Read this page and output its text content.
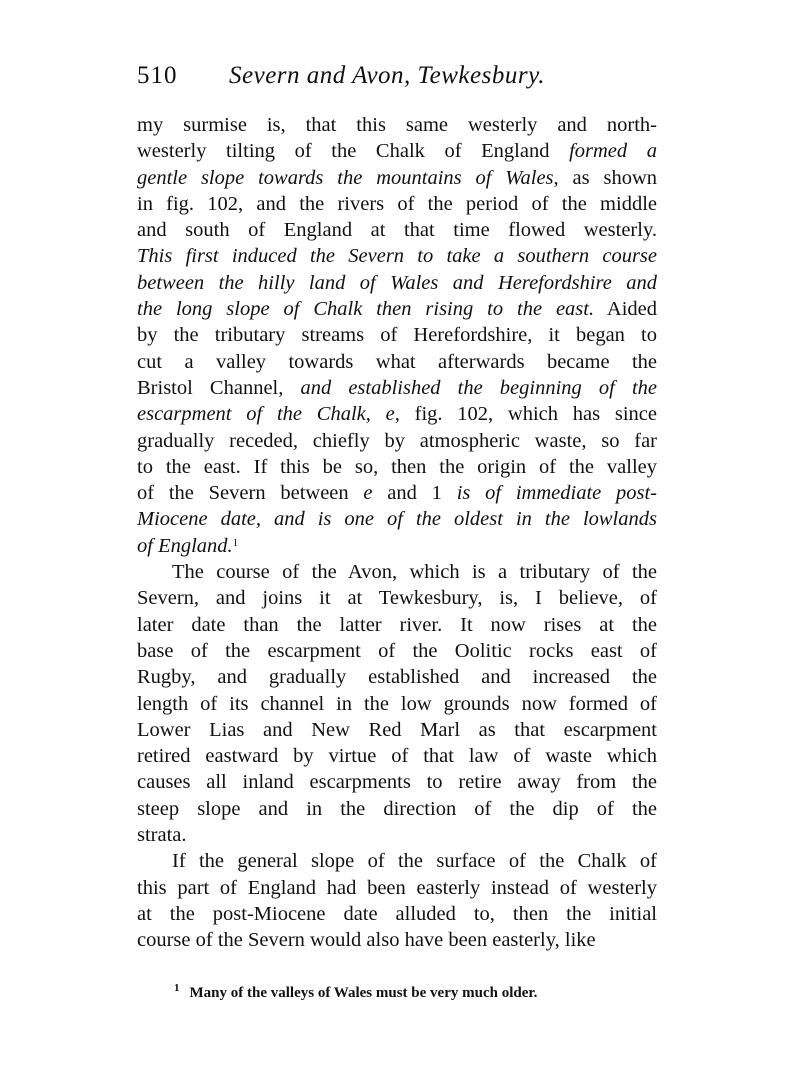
510 Severn and Avon, Tewkesbury.
my surmise is, that this same westerly and north-
westerly tilting of the Chalk of England formed a
gentle slope towards the mountains of Wales, as shown
in fig. 102, and the rivers of the period of the middle
and south of England at that time flowed westerly.
This first induced the Severn to take a southern course
between the hilly land of Wales and Herefordshire and
the long slope of Chalk then rising to the east. Aided
by the tributary streams of Herefordshire, it began to
cut a valley towards what afterwards became the
Bristol Channel, and established the beginning of the
escarpment of the Chalk, e, fig. 102, which has since
gradually receded, chiefly by atmospheric waste, so far
to the east. If this be so, then the origin of the valley
of the Severn between e and 1 is of immediate post-
Miocene date, and is one of the oldest in the lowlands
of England.$^1$
The course of the Avon, which is a tributary of the
Severn, and joins it at Tewkesbury, is, I believe, of
later date than the latter river. It now rises at the
base of the escarpment of the Oolitic rocks east of
Rugby, and gradually established and increased the
length of its channel in the low grounds now formed of
Lower Lias and New Red Marl as that escarpment
retired eastward by virtue of that law of waste which
causes all inland escarpments to retire away from the
steep slope and in the direction of the dip of the
strata.
If the general slope of the surface of the Chalk of
this part of England had been easterly instead of westerly
at the post-Miocene date alluded to, then the initial
course of the Severn would also have been easterly, like
$^1$ Many of the valleys of Wales must be very much older.
